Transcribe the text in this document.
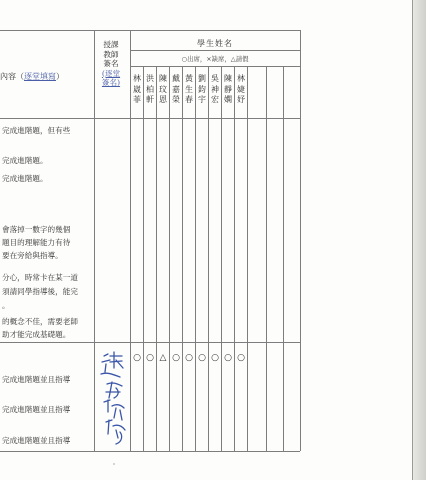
內容（逐堂填寫）
授課
教師
簽名
(逐堂
簽名)
學生姓名
○出席，×缺席，△請假
林崴菲
洪柏軒
陳玟恩
戴嘉榮
黃生春
劉鈞宇
吳神宏
陳靜嫻
林婕妤
完成進階題，但有些
完成進階題。
完成進階題。
會落掉一數字的幾個
題目的理解能力有待
要在旁給與指導。
分心，時常卡在某一道
須請同學指導後，能完
。
的概念不佳，需要老師
助才能完成基礎題。
完成進階題並且指導
完成進階題並且指導
完成進階題並且指導
○ ○ △ ○ ○ ○ ○ ○ ○
